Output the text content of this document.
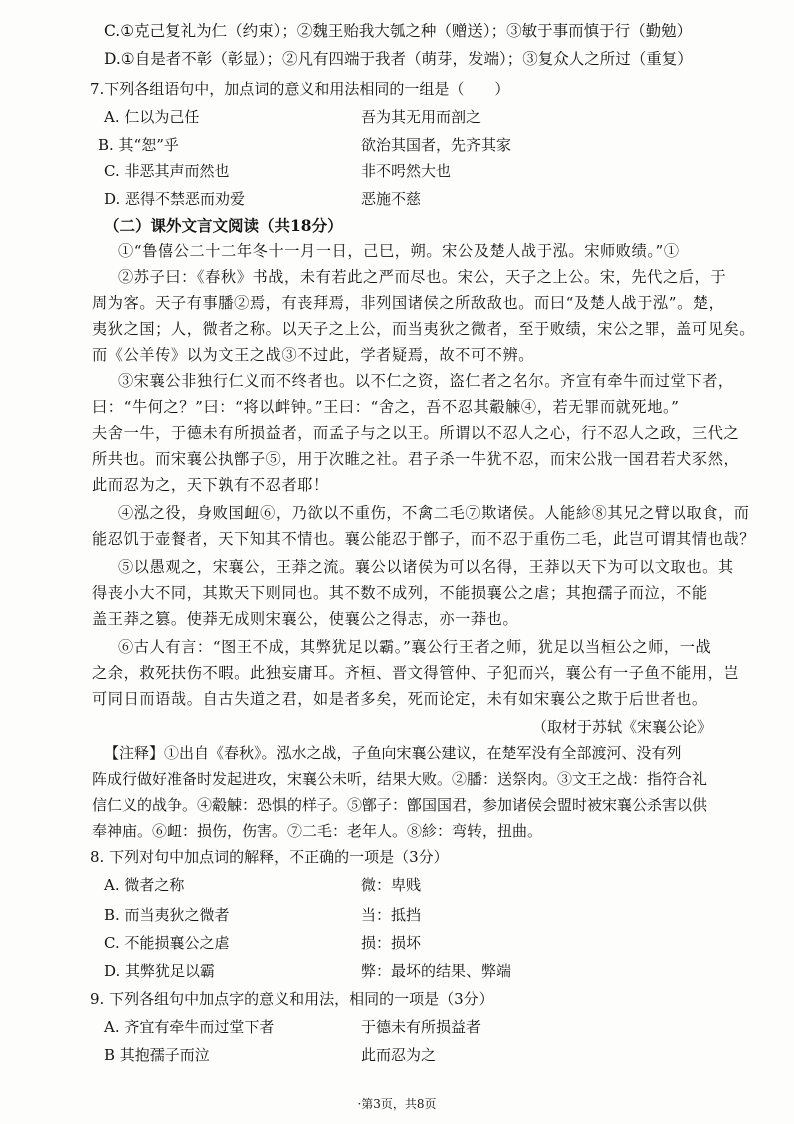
C.①克己复礼为仁（约束）；②魏王贻我大瓠之种（赠送）；③敏于事而慎于行（勤勉）
D.①自是者不彰（彰显）；②凡有四端于我者（萌芽，发端）；③复众人之所过（重复）
7.下列各组语句中，加点词的意义和用法相同的一组是（　　）
A. 仁以为己任	吾为其无用而剖之
B. 其“恕”乎	欲治其国者，先齐其家
C. 非恶其声而然也	非不呺然大也
D. 恶得不禁恶而劝爱	恶施不慈
（二）课外文言文阅读（共18分）
①“鲁僖公二十二年冬十一月一日，己巳，朔。宋公及楚人战于泓。宋师败绩。”①
②苏子曰：《春秋》书战，未有若此之严而尽也。宋公，天子之上公。宋，先代之后，于
周为客。天子有事膰②焉，有丧拜焉，非列国诸侯之所敌敌也。而曰“及楚人战于泓”。楚，
夷狄之国；人，微者之称。以天子之上公，而当夷狄之微者，至于败绩，宋公之罪，盖可见矣。
而《公羊传》以为文王之战③不过此，学者疑焉，故不可不辨。
③宋襄公非独行仁义而不终者也。以不仁之资，盗仁者之名尔。齐宣有牵牛而过堂下者，
曰：“牛何之？”曰：“将以衅钟。”王曰：“舍之，吾不忍其觳觫④，若无罪而就死地。”
夫舍一牛，于德未有所损益者，而孟子与之以王。所谓以不忍人之心，行不忍人之政，三代之
所共也。而宋襄公执鄫子⑤，用于次睢之社。君子杀一牛犹不忍，而宋公戕一国君若犬豕然，
此而忍为之，天下孰有不忍者耶！
④泓之役，身败国衄⑥，乃欲以不重伤，不禽二毛⑦欺诸侯。人能紾⑧其兄之臂以取食，而
能忍饥于壶餐者，天下知其不情也。襄公能忍于鄫子，而不忍于重伤二毛，此岂可谓其情也哉？
⑤以愚观之，宋襄公，王莽之流。襄公以诸侯为可以名得，王莽以天下为可以文取也。其
得丧小大不同，其欺天下则同也。其不数不成列，不能损襄公之虐；其抱孺子而泣，不能
盖王莽之篡。使莽无成则宋襄公，使襄公之得志，亦一莽也。
⑥古人有言：“图王不成，其弊犹足以霸。”襄公行王者之师，犹足以当桓公之师，一战
之余，救死扶伤不暇。此独妄庸耳。齐桓、晋文得管仲、子犯而兴，襄公有一子鱼不能用，岂
可同日而语哉。自古失道之君，如是者多矣，死而论定，未有如宋襄公之欺于后世者也。
（取材于苏轼《宋襄公论》
【注释】①出自《春秋》。泓水之战，子鱼向宋襄公建议，在楚军没有全部渡河、没有列
阵成行做好准备时发起进攻，宋襄公未听，结果大败。②膰：送祭肉。③文王之战：指符合礼
信仁义的战争。④觳觫：恐惧的样子。⑤鄫子：鄫国国君，参加诸侯会盟时被宋襄公杀害以供
奉神庙。⑥衄：损伤，伤害。⑦二毛：老年人。⑧紾：弯转，扭曲。
8. 下列对句中加点词的解释，不正确的一项是（3分）
A. 微者之称	微：卑贱
B. 而当夷狄之微者	当：抵挡
C. 不能损襄公之虐	损：损坏
D. 其弊犹足以霸	弊：最坏的结果、弊端
9. 下列各组句中加点字的意义和用法，相同的一项是（3分）
A. 齐宜有牵牛而过堂下者	于德未有所损益者
B 其抱孺子而泣	此而忍为之
·第3页，共8页
